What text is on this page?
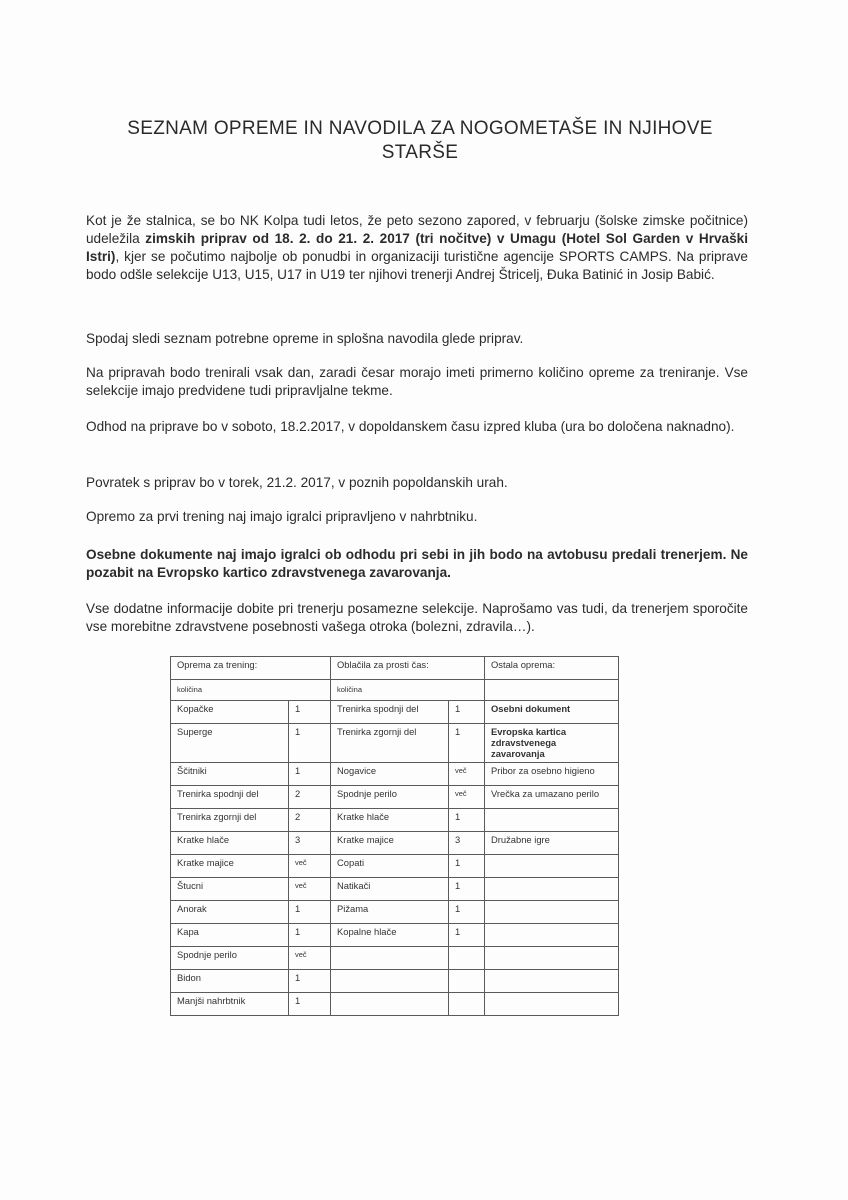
SEZNAM OPREME IN NAVODILA ZA NOGOMETAŠE IN NJIHOVE STARŠE

Kot je že stalnica, se bo NK Kolpa tudi letos, že peto sezono zapored, v februarju (šolske zimske počitnice) udeležila zimskih priprav od 18. 2. do 21. 2. 2017 (tri nočitve) v Umagu (Hotel Sol Garden v Hrvaški Istri), kjer se počutimo najbolje ob ponudbi in organizaciji turistične agencije SPORTS CAMPS. Na priprave bodo odšle selekcije U13, U15, U17 in U19 ter njihovi trenerji Andrej Štricelj, Đuka Batinić in Josip Babić.

Spodaj sledi seznam potrebne opreme in splošna navodila glede priprav.

Na pripravah bodo trenirali vsak dan, zaradi česar morajo imeti primerno količino opreme za treniranje. Vse selekcije imajo predvidene tudi pripravljalne tekme.

Odhod na priprave bo v soboto, 18.2.2017, v dopoldanskem času izpred kluba (ura bo določena naknadno).

Povratek s priprav bo v torek, 21.2. 2017, v poznih popoldanskih urah.

Opremo za prvi trening naj imajo igralci pripravljeno v nahrbtniku.

Osebne dokumente naj imajo igralci ob odhodu pri sebi in jih bodo na avtobusu predali trenerjem. Ne pozabit na Evropsko kartico zdravstvenega zavarovanja.

Vse dodatne informacije dobite pri trenerju posamezne selekcije. Naprošamo vas tudi, da trenerjem sporočite vse morebitne zdravstvene posebnosti vašega otroka (bolezni, zdravila…).

Oprema za trening:		Oblačila za prosti čas:		Ostala oprema:
količina		količina		
Kopačke	1	Trenirka spodnji del	1	Osebni dokument
Superge	1	Trenirka zgornji del	1	Evropska kartica zdravstvenega zavarovanja
Ščitniki	1	Nogavice	več	Pribor za osebno higieno
Trenirka spodnji del	2	Spodnje perilo	več	Vrečka za umazano perilo
Trenirka zgornji del	2	Kratke hlače	1	
Kratke hlače	3	Kratke majice	3	Družabne igre
Kratke majice	več	Copati	1	
Štucni	več	Natikači	1	
Anorak	1	Pižama	1	
Kapa	1	Kopalne hlače	1	
Spodnje perilo	več			
Bidon	1			
Manjši nahrbtnik	1			
